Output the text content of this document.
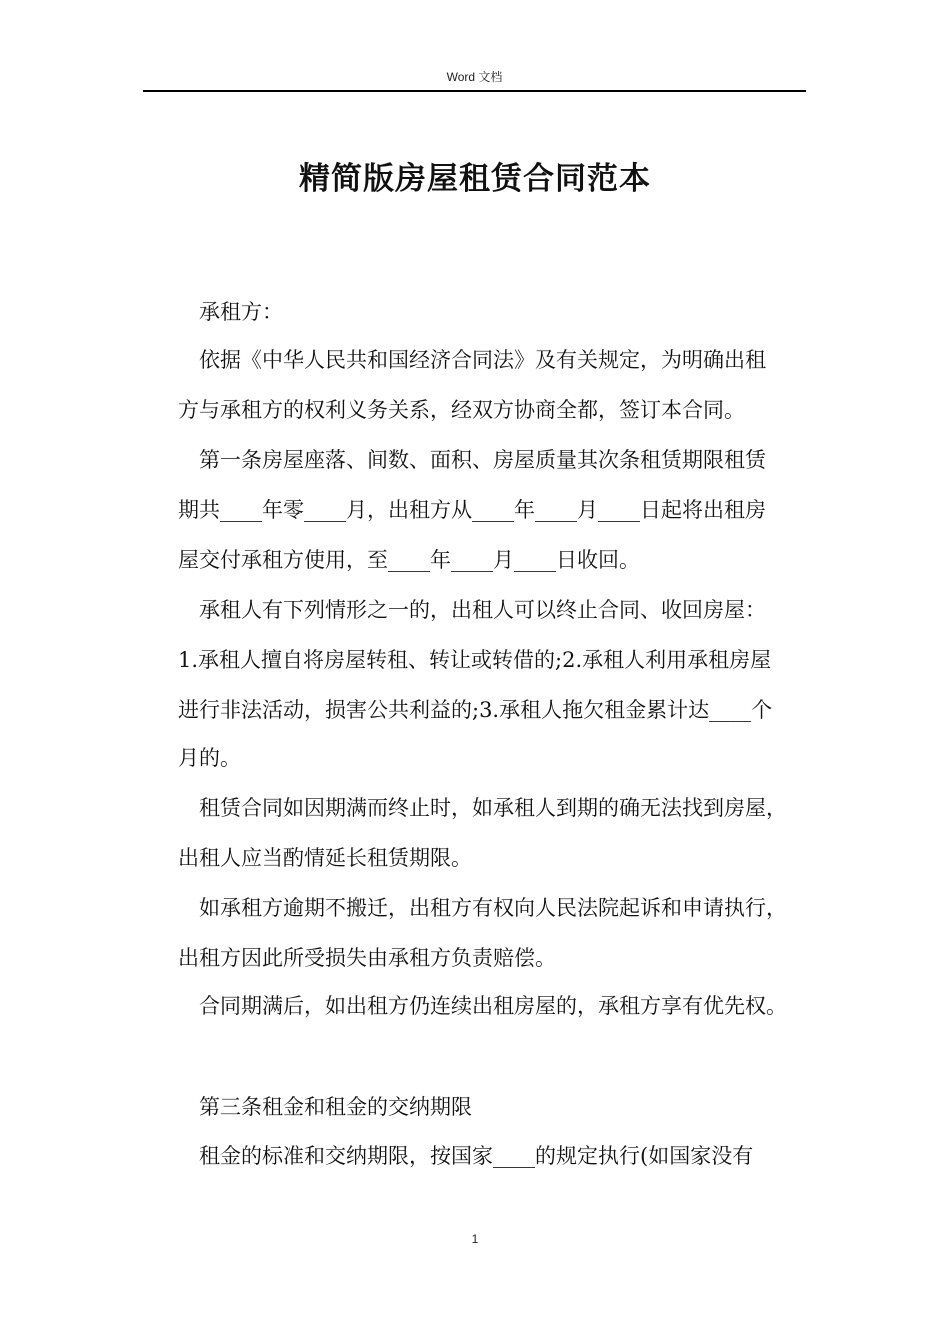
Word 文档
精简版房屋租赁合同范本

承租方：

依据《中华人民共和国经济合同法》及有关规定，为明确出租

方与承租方的权利义务关系，经双方协商全都，签订本合同。

第一条房屋座落、间数、面积、房屋质量其次条租赁期限租赁

期共____年零____月，出租方从____年____月____日起将出租房

屋交付承租方使用，至____年____月____日收回。

承租人有下列情形之一的，出租人可以终止合同、收回房屋：

1.承租人擅自将房屋转租、转让或转借的;2.承租人利用承租房屋

进行非法活动，损害公共利益的;3.承租人拖欠租金累计达____个

月的。

租赁合同如因期满而终止时，如承租人到期的确无法找到房屋，

出租人应当酌情延长租赁期限。

如承租方逾期不搬迁，出租方有权向人民法院起诉和申请执行，

出租方因此所受损失由承租方负责赔偿。

合同期满后，如出租方仍连续出租房屋的，承租方享有优先权。

第三条租金和租金的交纳期限

租金的标准和交纳期限，按国家____的规定执行(如国家没有

1
